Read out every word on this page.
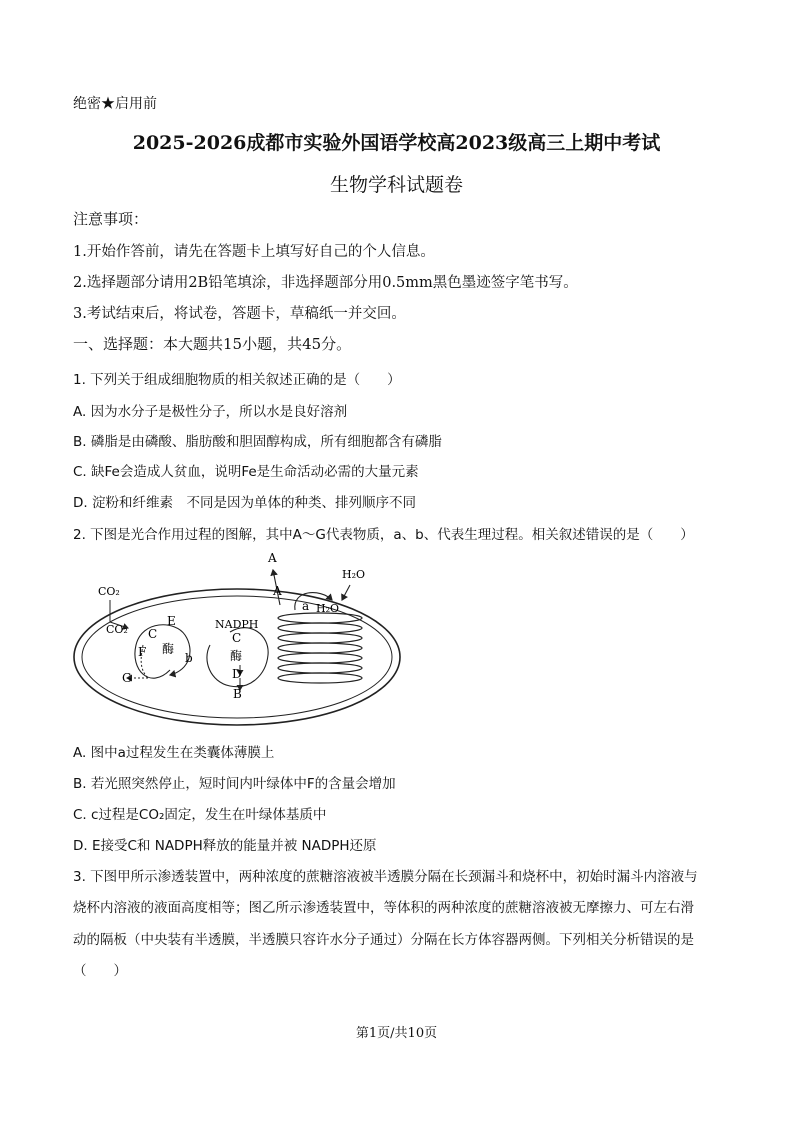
绝密★启用前
2025-2026成都市实验外国语学校高2023级高三上期中考试
生物学科试题卷
注意事项：
1.开始作答前，请先在答题卡上填写好自己的个人信息。
2.选择题部分请用2B铅笔填涂，非选择题部分用0.5mm黑色墨迹签字笔书写。
3.考试结束后，将试卷，答题卡，草稿纸一并交回。
一、选择题：本大题共15小题，共45分。
1. 下列关于组成细胞物质的相关叙述正确的是（　　）
A. 因为水分子是极性分子，所以水是良好溶剂
B. 磷脂是由磷酸、脂肪酸和胆固醇构成，所有细胞都含有磷脂
C. 缺Fe会造成人贫血，说明Fe是生命活动必需的大量元素
D. 淀粉和纤维素　不同是因为单体的种类、排列顺序不同
2. 下图是光合作用过程的图解，其中A～G代表物质，a、b、代表生理过程。相关叙述错误的是（　　）
A
A
H₂O
a H₂O
CO₂
CO₂
E
C
F 酶
b
G
NADPH
C
酶
D
B
A. 图中a过程发生在类囊体薄膜上
B. 若光照突然停止，短时间内叶绿体中F的含量会增加
C. c过程是CO₂固定，发生在叶绿体基质中
D. E接受C和 NADPH释放的能量并被 NADPH还原
3. 下图甲所示渗透装置中，两种浓度的蔗糖溶液被半透膜分隔在长颈漏斗和烧杯中，初始时漏斗内溶液与
烧杯内溶液的液面高度相等；图乙所示渗透装置中，等体积的两种浓度的蔗糖溶液被无摩擦力、可左右滑
动的隔板（中央装有半透膜，半透膜只容许水分子通过）分隔在长方体容器两侧。下列相关分析错误的是
（　　）
第1页/共10页
